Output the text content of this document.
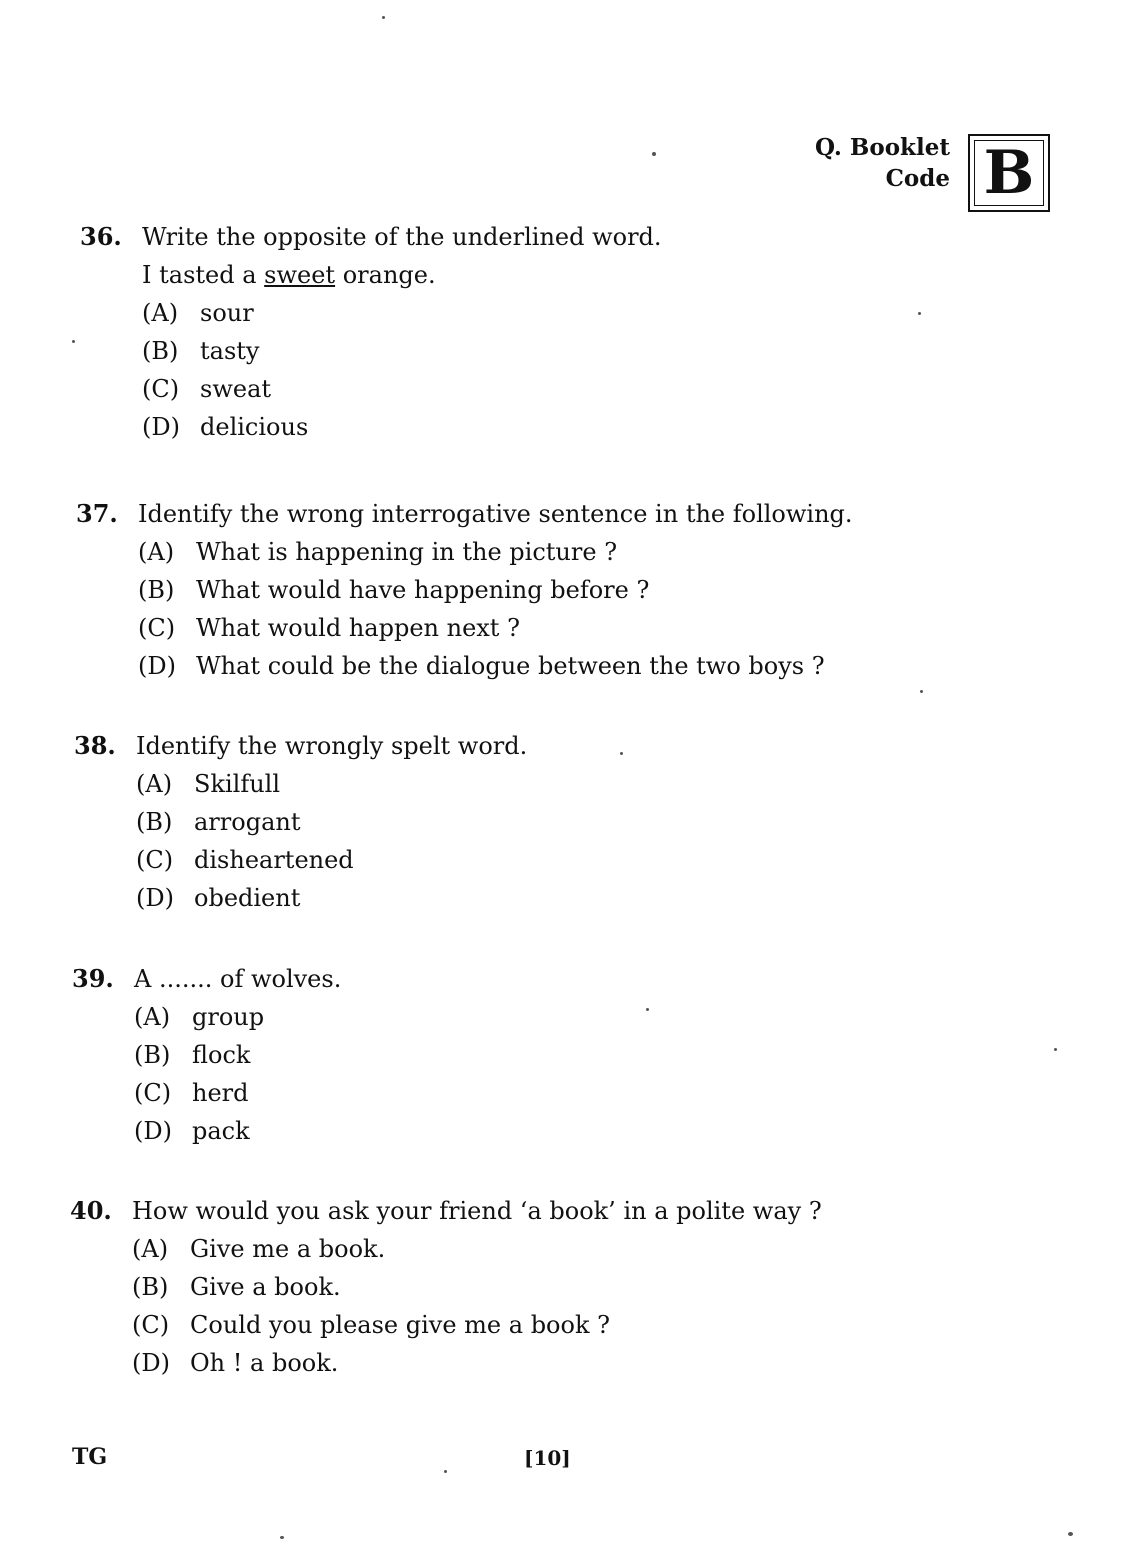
Q. Booklet
Code B
36. Write the opposite of the underlined word.
I tasted a sweet orange.
(A) sour
(B) tasty
(C) sweat
(D) delicious
37. Identify the wrong interrogative sentence in the following.
(A) What is happening in the picture ?
(B) What would have happening before ?
(C) What would happen next ?
(D) What could be the dialogue between the two boys ?
38. Identify the wrongly spelt word.
(A) Skilfull
(B) arrogant
(C) disheartened
(D) obedient
39. A ....... of wolves.
(A) group
(B) flock
(C) herd
(D) pack
40. How would you ask your friend ‘a book’ in a polite way ?
(A) Give me a book.
(B) Give a book.
(C) Could you please give me a book ?
(D) Oh ! a book.
TG	[10]
